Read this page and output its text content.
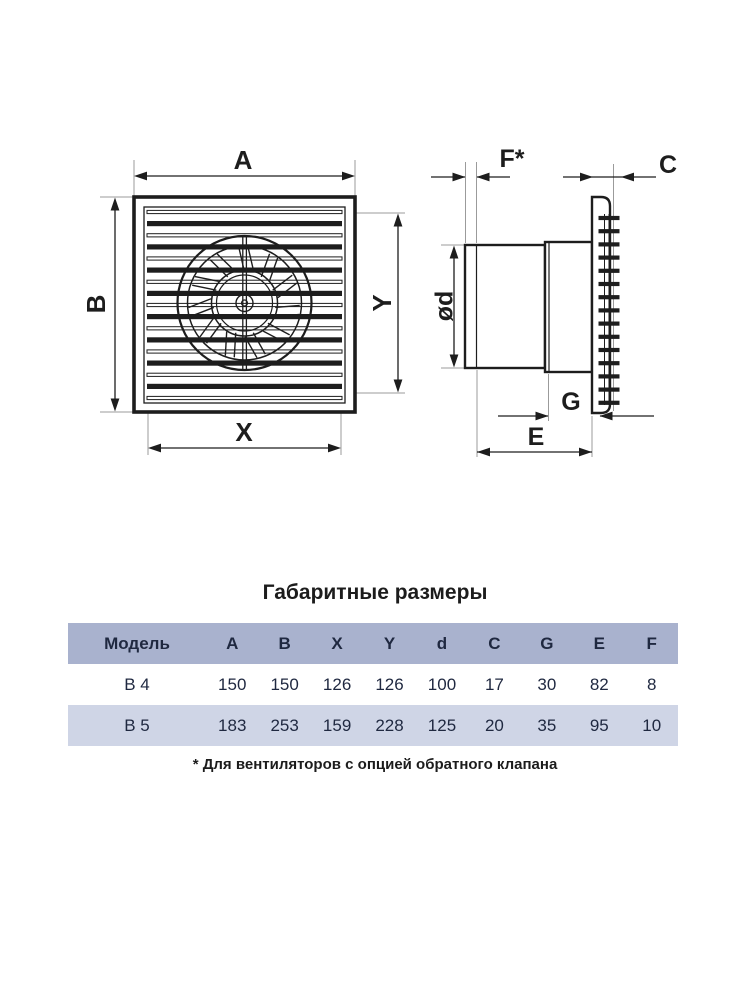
A
B
X
Y
F*	C
ød
G
E
Габаритные размеры
Модель	A	B	X	Y	d	C	G	E	F
B 4	150	150	126	126	100	17	30	82	8
B 5	183	253	159	228	125	20	35	95	10
* Для вентиляторов с опцией обратного клапана
